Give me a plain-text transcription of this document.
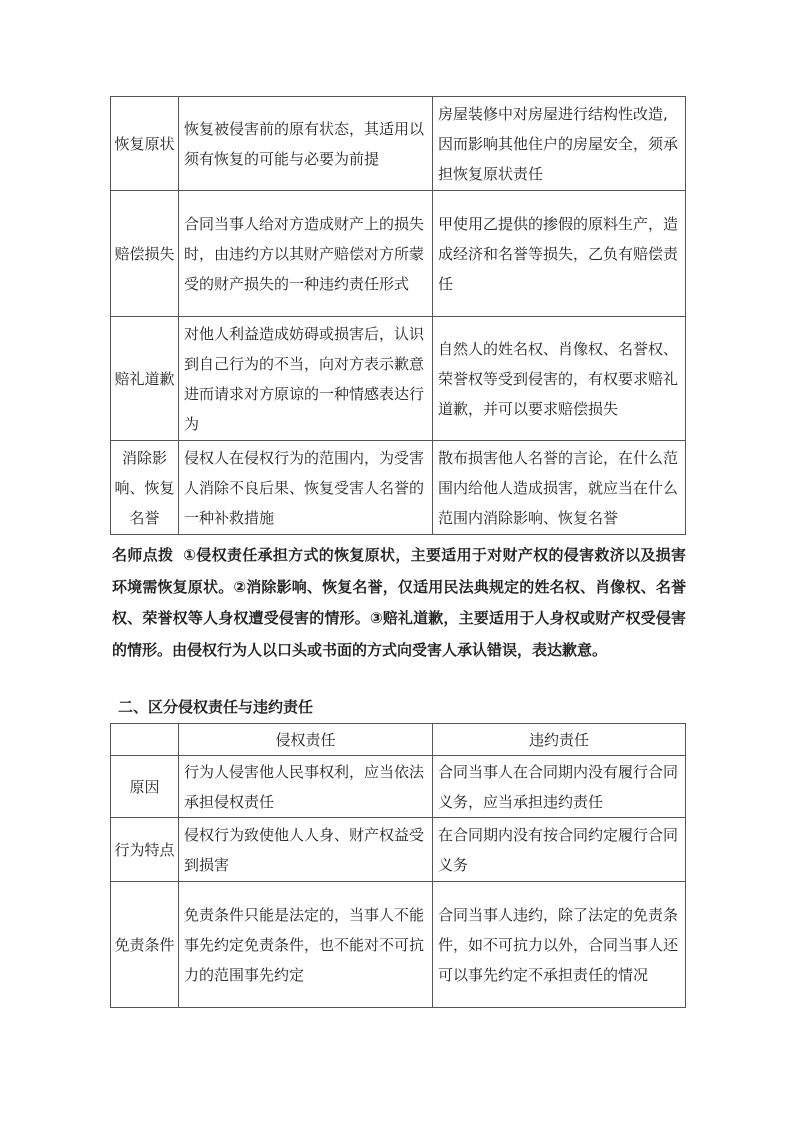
恢复原状	恢复被侵害前的原有状态，其适用以须有恢复的可能与必要为前提	房屋装修中对房屋进行结构性改造,因而影响其他住户的房屋安全，须承担恢复原状责任
赔偿损失	合同当事人给对方造成财产上的损失时，由违约方以其财产赔偿对方所蒙受的财产损失的一种违约责任形式	甲使用乙提供的掺假的原料生产，造成经济和名誉等损失，乙负有赔偿责任
赔礼道歉	对他人利益造成妨碍或损害后，认识到自己行为的不当，向对方表示歉意进而请求对方原谅的一种情感表达行为	自然人的姓名权、肖像权、名誉权、荣誉权等受到侵害的，有权要求赔礼道歉，并可以要求赔偿损失
消除影响、恢复名誉	侵权人在侵权行为的范围内，为受害人消除不良后果、恢复受害人名誉的一种补救措施	散布损害他人名誉的言论，在什么范围内给他人造成损害，就应当在什么范围内消除影响、恢复名誉

名师点拨 ①侵权责任承担方式的恢复原状，主要适用于对财产权的侵害救济以及损害环境需恢复原状。②消除影响、恢复名誉，仅适用民法典规定的姓名权、肖像权、名誉权、荣誉权等人身权遭受侵害的情形。③赔礼道歉，主要适用于人身权或财产权受侵害的情形。由侵权行为人以口头或书面的方式向受害人承认错误，表达歉意。

二、区分侵权责任与违约责任

	侵权责任	违约责任
原因	行为人侵害他人民事权利，应当依法承担侵权责任	合同当事人在合同期内没有履行合同义务，应当承担违约责任
行为特点	侵权行为致使他人人身、财产权益受到损害	在合同期内没有按合同约定履行合同义务
免责条件	免责条件只能是法定的，当事人不能事先约定免责条件，也不能对不可抗力的范围事先约定	合同当事人违约，除了法定的免责条件，如不可抗力以外，合同当事人还可以事先约定不承担责任的情况
